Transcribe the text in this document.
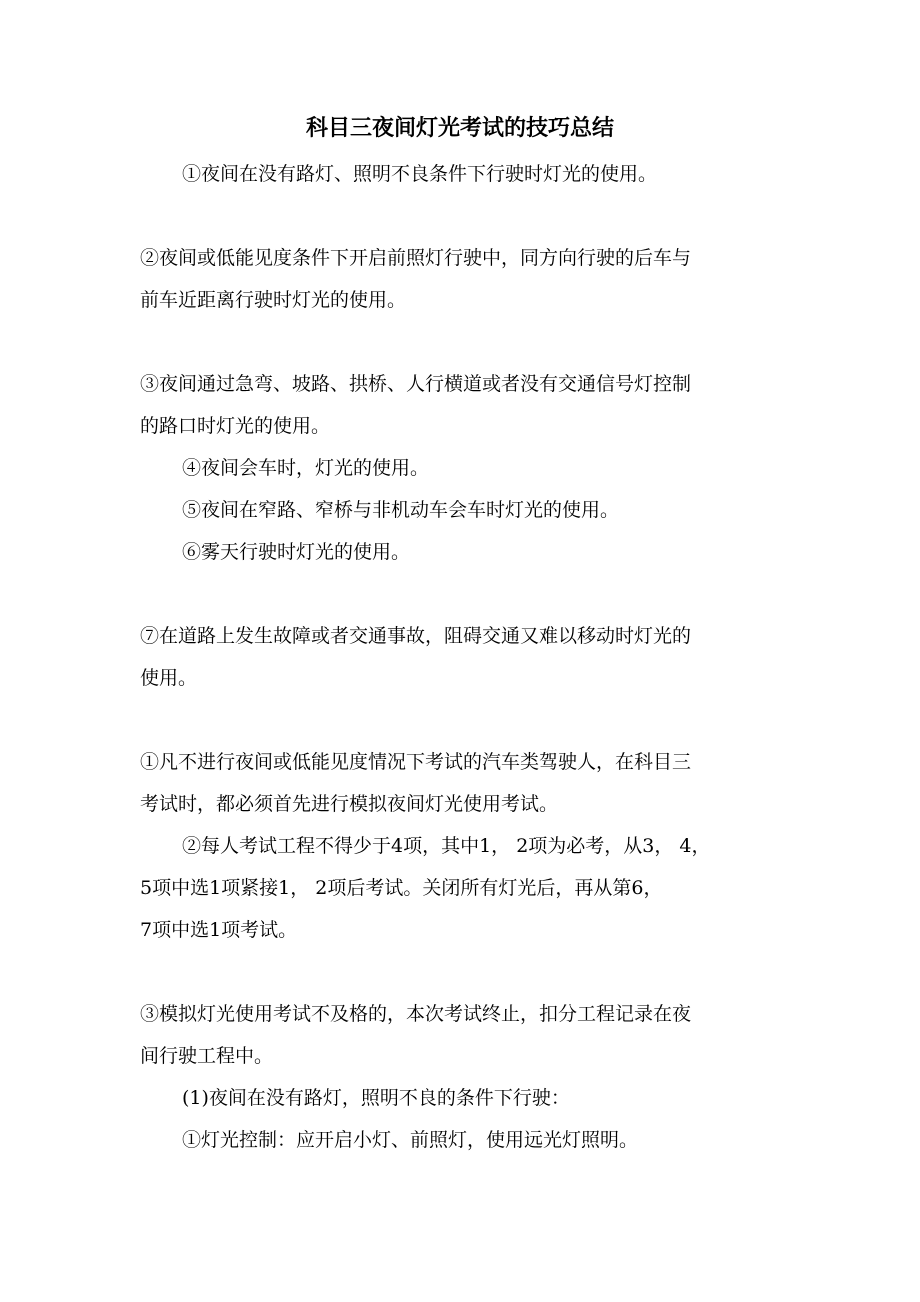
科目三夜间灯光考试的技巧总结
①夜间在没有路灯、照明不良条件下行驶时灯光的使用。
②夜间或低能见度条件下开启前照灯行驶中，同方向行驶的后车与
前车近距离行驶时灯光的使用。
③夜间通过急弯、坡路、拱桥、人行横道或者没有交通信号灯控制
的路口时灯光的使用。
④夜间会车时，灯光的使用。
⑤夜间在窄路、窄桥与非机动车会车时灯光的使用。
⑥雾天行驶时灯光的使用。
⑦在道路上发生故障或者交通事故，阻碍交通又难以移动时灯光的
使用。
①凡不进行夜间或低能见度情况下考试的汽车类驾驶人，在科目三
考试时，都必须首先进行模拟夜间灯光使用考试。
②每人考试工程不得少于4项，其中1， 2项为必考，从3， 4，
5项中选1项紧接1， 2项后考试。关闭所有灯光后，再从第6，
7项中选1项考试。
③模拟灯光使用考试不及格的，本次考试终止，扣分工程记录在夜
间行驶工程中。
(1)夜间在没有路灯，照明不良的条件下行驶：
①灯光控制：应开启小灯、前照灯，使用远光灯照明。
